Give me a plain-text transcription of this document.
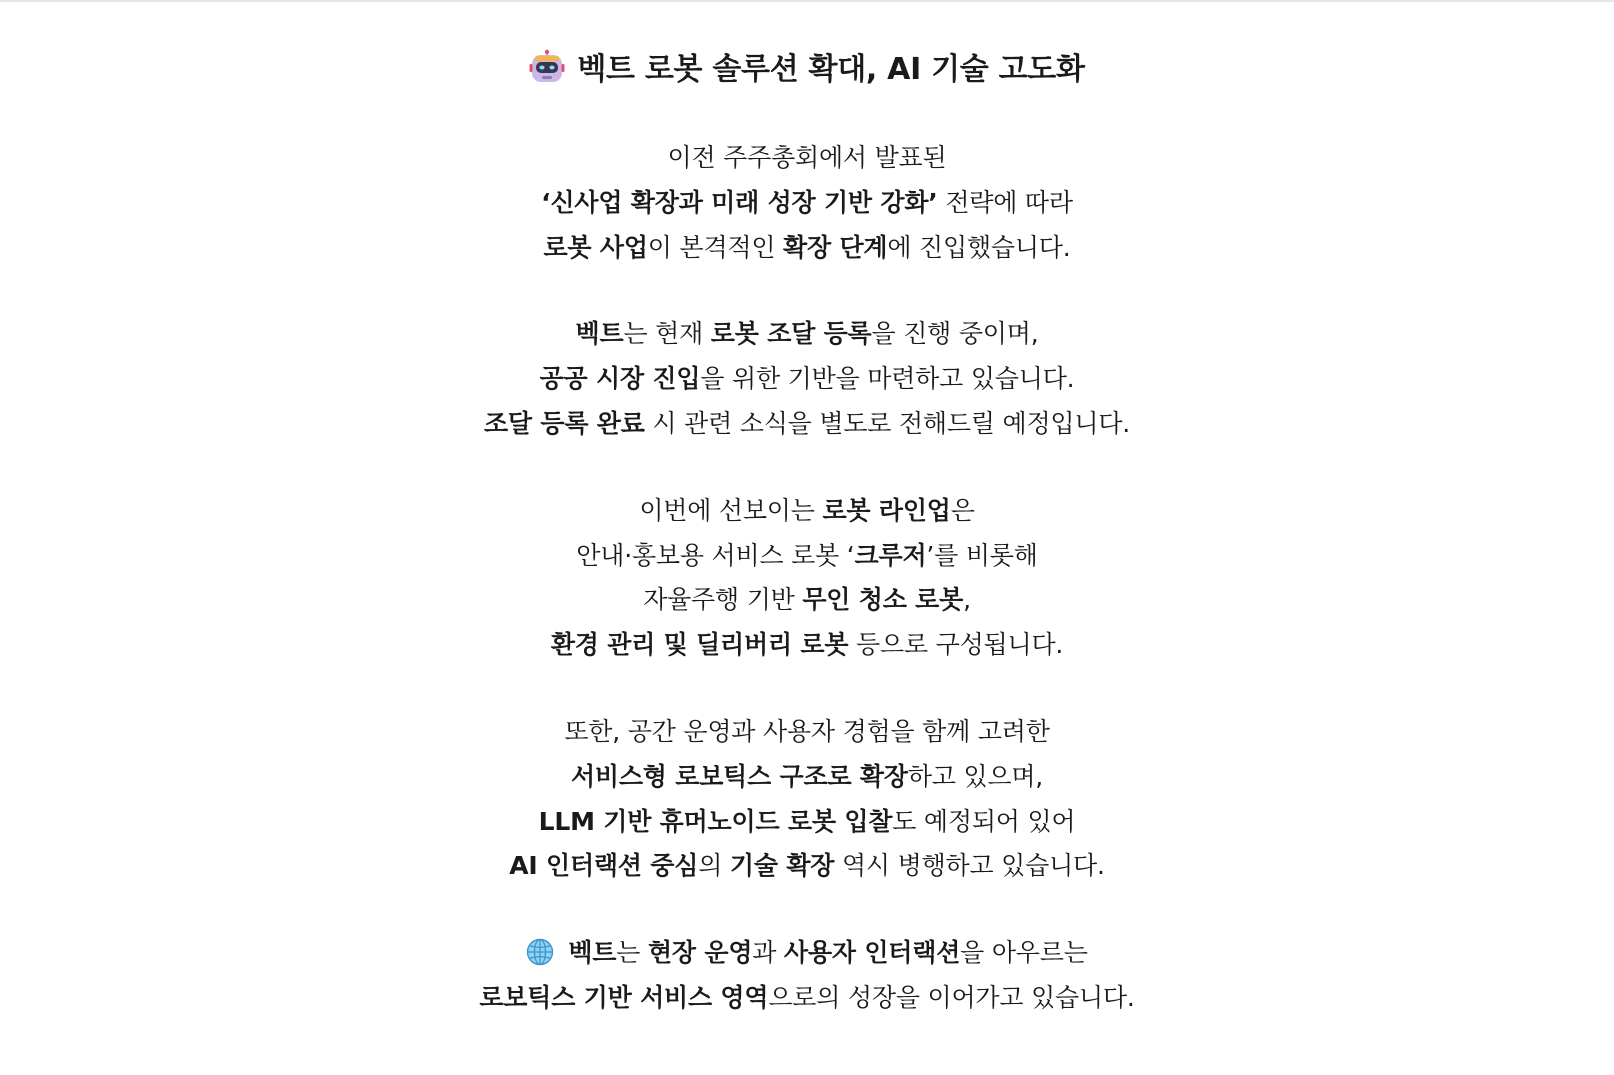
벡트 로봇 솔루션 확대, AI 기술 고도화

이전 주주총회에서 발표된
‘신사업 확장과 미래 성장 기반 강화’ 전략에 따라
로봇 사업이 본격적인 확장 단계에 진입했습니다.

벡트는 현재 로봇 조달 등록을 진행 중이며,
공공 시장 진입을 위한 기반을 마련하고 있습니다.
조달 등록 완료 시 관련 소식을 별도로 전해드릴 예정입니다.

이번에 선보이는 로봇 라인업은
안내·홍보용 서비스 로봇 ‘크루저’를 비롯해
자율주행 기반 무인 청소 로봇,
환경 관리 및 딜리버리 로봇 등으로 구성됩니다.

또한, 공간 운영과 사용자 경험을 함께 고려한
서비스형 로보틱스 구조로 확장하고 있으며,
LLM 기반 휴머노이드 로봇 입찰도 예정되어 있어
AI 인터랙션 중심의 기술 확장 역시 병행하고 있습니다.

벡트는 현장 운영과 사용자 인터랙션을 아우르는
로보틱스 기반 서비스 영역으로의 성장을 이어가고 있습니다.
